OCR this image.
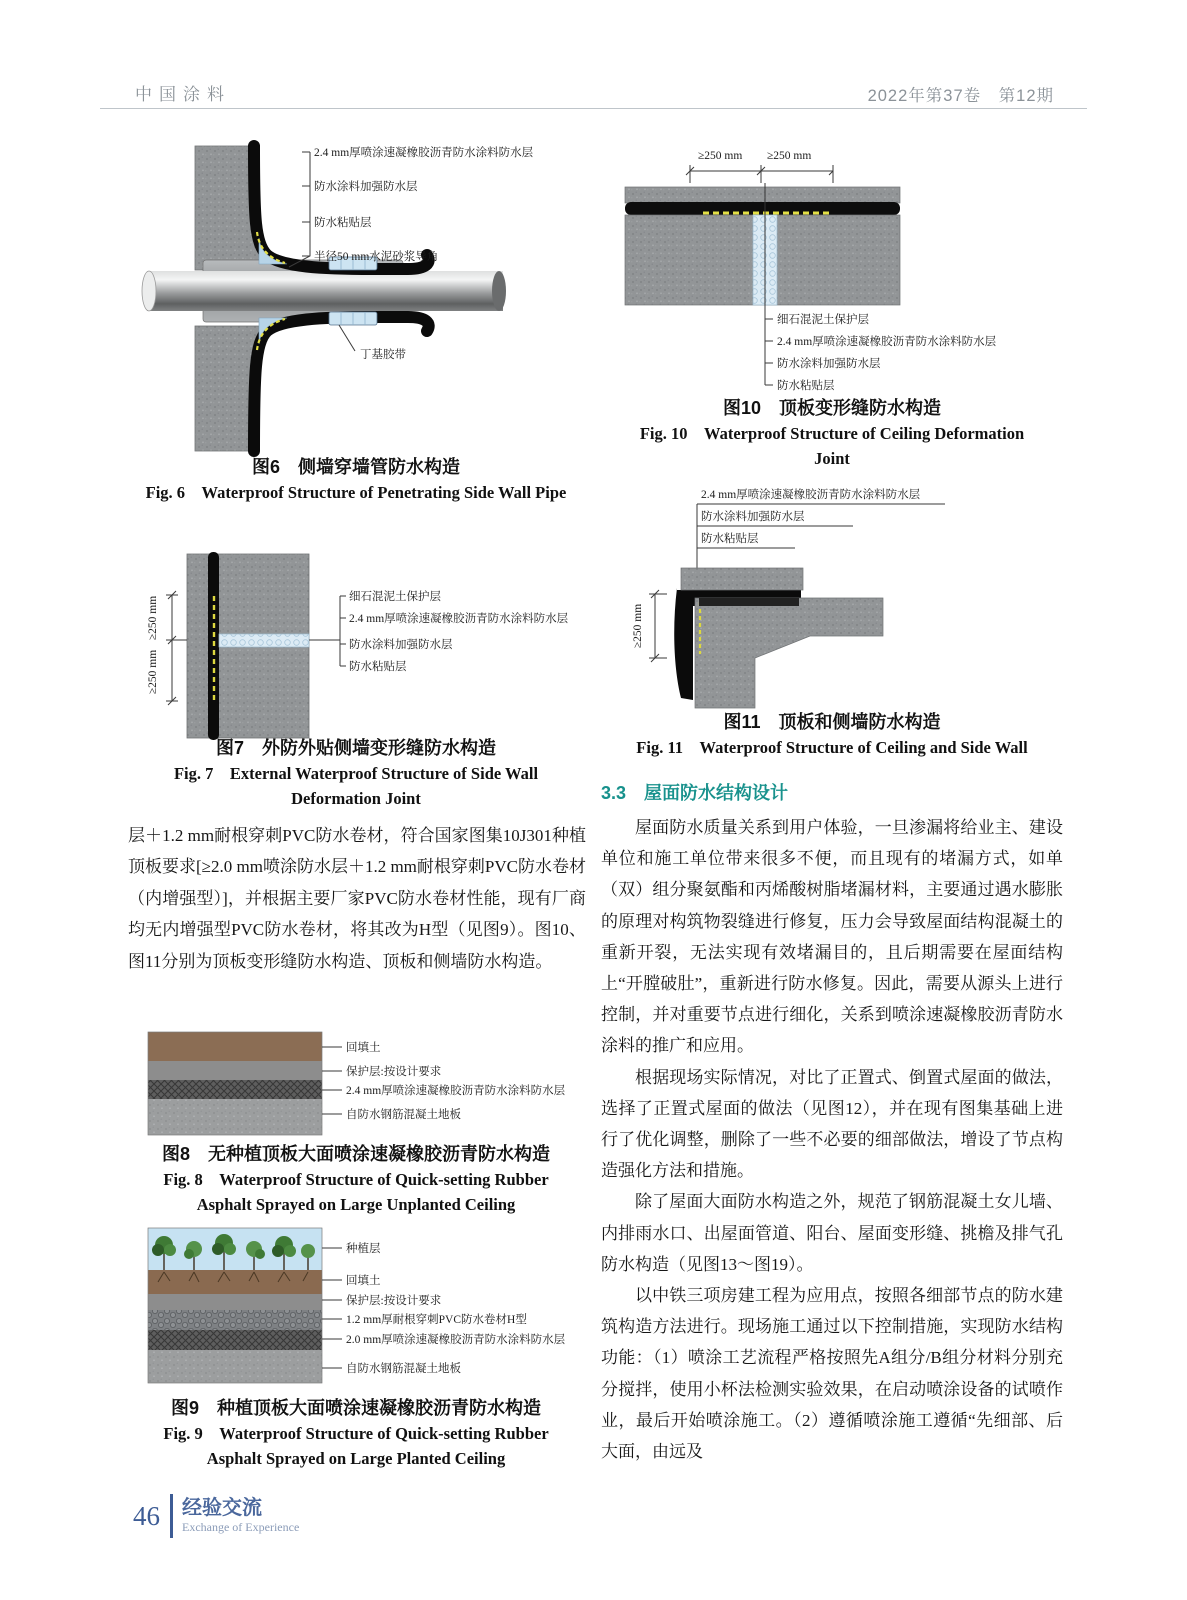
中国涂料	2022年第37卷　第12期
2.4 mm厚喷涂速凝橡胶沥青防水涂料防水层
防水涂料加强防水层
防水粘贴层
半径50 mm水泥砂浆导角
丁基胶带
图6　侧墙穿墙管防水构造
Fig. 6　Waterproof Structure of Penetrating Side Wall Pipe
≥250 mm
≥250 mm
细石混泥土保护层
2.4 mm厚喷涂速凝橡胶沥青防水涂料防水层
防水涂料加强防水层
防水粘贴层
图7　外防外贴侧墙变形缝防水构造
Fig. 7　External Waterproof Structure of Side Wall
Deformation Joint
层＋1.2 mm耐根穿刺PVC防水卷材，符合国家图集10J301种植顶板要求[≥2.0 mm喷涂防水层＋1.2 mm耐根穿刺PVC防水卷材（内增强型）]，并根据主要厂家PVC防水卷材性能，现有厂商均无内增强型PVC防水卷材，将其改为H型（见图9）。图10、图11分别为顶板变形缝防水构造、顶板和侧墙防水构造。
回填土
保护层:按设计要求
2.4 mm厚喷涂速凝橡胶沥青防水涂料防水层
自防水钢筋混凝土地板
图8　无种植顶板大面喷涂速凝橡胶沥青防水构造
Fig. 8　Waterproof Structure of Quick-setting Rubber
Asphalt Sprayed on Large Unplanted Ceiling
种植层
回填土
保护层:按设计要求
1.2 mm厚耐根穿刺PVC防水卷材H型
2.0 mm厚喷涂速凝橡胶沥青防水涂料防水层
自防水钢筋混凝土地板
图9　种植顶板大面喷涂速凝橡胶沥青防水构造
Fig. 9　Waterproof Structure of Quick-setting Rubber
Asphalt Sprayed on Large Planted Ceiling
≥250 mm ≥250 mm
细石混泥土保护层
2.4 mm厚喷涂速凝橡胶沥青防水涂料防水层
防水涂料加强防水层
防水粘贴层
图10　顶板变形缝防水构造
Fig. 10　Waterproof Structure of Ceiling Deformation
Joint
2.4 mm厚喷涂速凝橡胶沥青防水涂料防水层
防水涂料加强防水层
防水粘贴层
≥250 mm
图11　顶板和侧墙防水构造
Fig. 11　Waterproof Structure of Ceiling and Side Wall
3.3　屋面防水结构设计

屋面防水质量关系到用户体验，一旦渗漏将给业主、建设单位和施工单位带来很多不便，而且现有的堵漏方式，如单（双）组分聚氨酯和丙烯酸树脂堵漏材料，主要通过遇水膨胀的原理对构筑物裂缝进行修复，压力会导致屋面结构混凝土的重新开裂，无法实现有效堵漏目的，且后期需要在屋面结构上“开膛破肚”，重新进行防水修复。因此，需要从源头上进行控制，并对重要节点进行细化，关系到喷涂速凝橡胶沥青防水涂料的推广和应用。

根据现场实际情况，对比了正置式、倒置式屋面的做法，选择了正置式屋面的做法（见图12），并在现有图集基础上进行了优化调整，删除了一些不必要的细部做法，增设了节点构造强化方法和措施。

除了屋面大面防水构造之外，规范了钢筋混凝土女儿墙、内排雨水口、出屋面管道、阳台、屋面变形缝、挑檐及排气孔防水构造（见图13～图19）。

以中铁三项房建工程为应用点，按照各细部节点的防水建筑构造方法进行。现场施工通过以下控制措施，实现防水结构功能：（1）喷涂工艺流程严格按照先A组分/B组分材料分别充分搅拌，使用小杯法检测实验效果，在启动喷涂设备的试喷作业，最后开始喷涂施工。（2）遵循喷涂施工遵循“先细部、后大面，由远及

46 经验交流
Exchange of Experience
